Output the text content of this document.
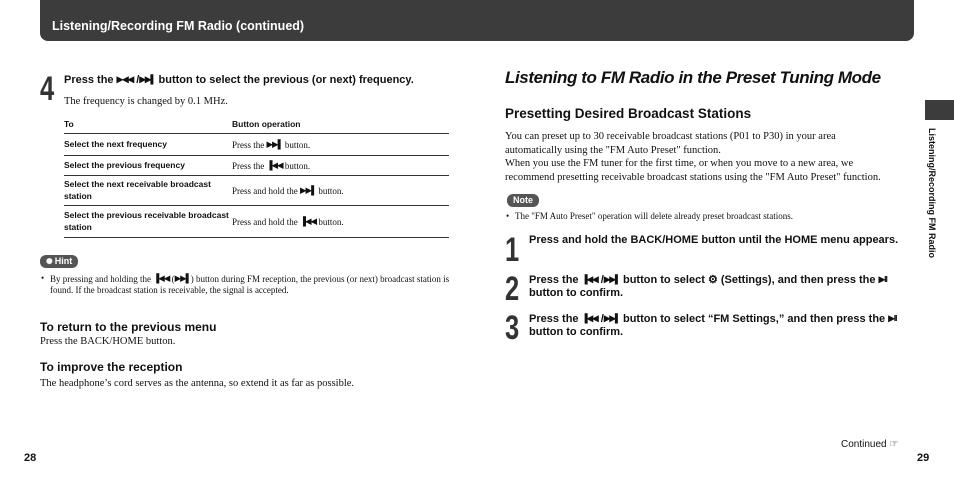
Listening/Recording FM Radio (continued)
Listening/Recording FM Radio
4 Press the ▶◀◀ /▶▶▌ button to select the previous (or next) frequency.
The frequency is changed by 0.1 MHz.
To	Button operation
Select the next frequency	Press the ▶▶▌ button.
Select the previous frequency	Press the ▐◀◀ button.
Select the next receivable broadcast station	Press and hold the ▶▶▌ button.
Select the previous receivable broadcast station	Press and hold the ▐◀◀ button.
✺ Hint
• By pressing and holding the ▐◀◀ (▶▶▌) button during FM reception, the previous (or next) broadcast station is found. If the broadcast station is receivable, the signal is accepted.
To return to the previous menu
Press the BACK/HOME button.
To improve the reception
The headphone’s cord serves as the antenna, so extend it as far as possible.
Listening to FM Radio in the Preset Tuning Mode
Presetting Desired Broadcast Stations
You can preset up to 30 receivable broadcast stations (P01 to P30) in your area
automatically using the "FM Auto Preset" function.
When you use the FM tuner for the first time, or when you move to a new area, we
recommend presetting receivable broadcast stations using the "FM Auto Preset" function.
Note
• The "FM Auto Preset" operation will delete already preset broadcast stations.
1 Press and hold the BACK/HOME button until the HOME menu appears.
2 Press the ▐◀◀ /▶▶▌ button to select ⚙ (Settings), and then press the ▶II
button to confirm.
3 Press the ▐◀◀ /▶▶▌ button to select “FM Settings,” and then press the ▶II
button to confirm.
28	29
Continued ☞
